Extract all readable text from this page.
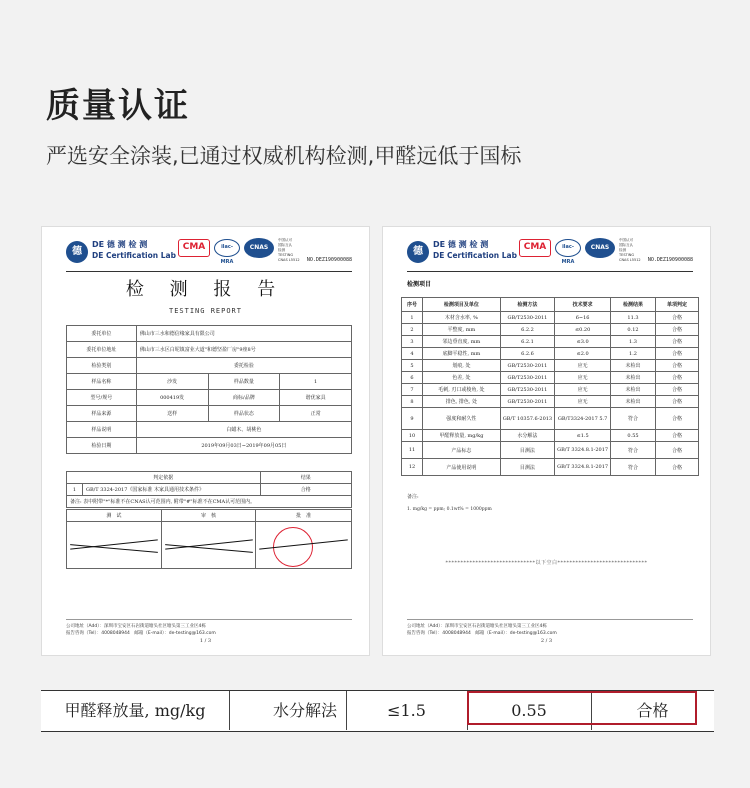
质量认证
严选安全涂装,已通过权威机构检测,甲醛远低于国标
德
DE 德 测 检 测
DE Certification Lab
CMA	ilac-MRA
CNAS
中国认可
国际互认
检测
TESTING
CNAS L5512 NO.DEZ190900088
检 测 报 告
TESTING REPORT
委托单位	佛山市三水和德信缘家具有限公司		
委托单位地址	佛山市三水区白坭镇富业大道"和德坚盈厂房"9座8号		
检验类别	委托检验		
样品名称	沙发	样品数量	1
型号/规号	000419发	商标/品牌	谐优家具
样品来源	送样	样品状态	正常
样品说明	白蜡木、胡桃色		
检验日期	2019年09月03日~2019年09月05日		
判定依据		结果
1	GB/T 3324-2017《国家标准 木家具通用技术条件》	合格
备注: 表中附带"*"标准不在CNAS认可范围内, 附带"#"标准不在CMA认可范围内。		
测　试	审　核	批　准

公司地址（Add）：深圳市宝安区石岩街道塘头社区塘头第三工业区4栋
报告咨询（Tel）：4008048944　邮箱（E-mail）：de-testing@163.com
1 / 3
德
DE 德 测 检 测
DE Certification Lab
CMA	ilac-MRA
CNAS
中国认可
国际互认
检测
TESTING
CNAS L5512 NO.DEZ190900088
检测项目
序号	检测项目及单位	检测方法	技术要求	检测结果	单项判定
1	木材含水率, %	GB/T2530-2011	6~16	11.3	合格
2	平整度, mm	6.2.2	≤0.20	0.12	合格
3	邻边垂直度, mm	6.2.1	≤3.0	1.3	合格
4	底脚平稳性, mm	6.2.6	≤2.0	1.2	合格
5	划痕, 处	GB/T2530-2011	应无	未检出	合格
6	色差, 处	GB/T2530-2011	应无	未检出	合格
7	毛刺, 刃口或棱角, 处	GB/T2530-2011	应无	未检出	合格
8	排色, 排色, 处	GB/T2530-2011	应无	未检出	合格
9	强度和耐久性	GB/T 10357.6-2013	GB/T3324-2017 5.7	符合	合格
10	甲醛释放量, mg/kg	水分解法	≤1.5	0.55	合格
11	产品标志	目测法	GB/T 3324.8.1-2017	符合	合格
12	产品使用说明	目测法	GB/T 3324.8.1-2017	符合	合格
备注:
1. mg/kg = ppm; 0.1wt% = 1000ppm
******************************以下空白******************************
公司地址（Add）：深圳市宝安区石岩街道塘头社区塘头第三工业区4栋
报告咨询（Tel）：4008048944　邮箱（E-mail）：de-testing@163.com
2 / 3
甲醛释放量, mg/kg	水分解法	≤1.5	0.55	合格
